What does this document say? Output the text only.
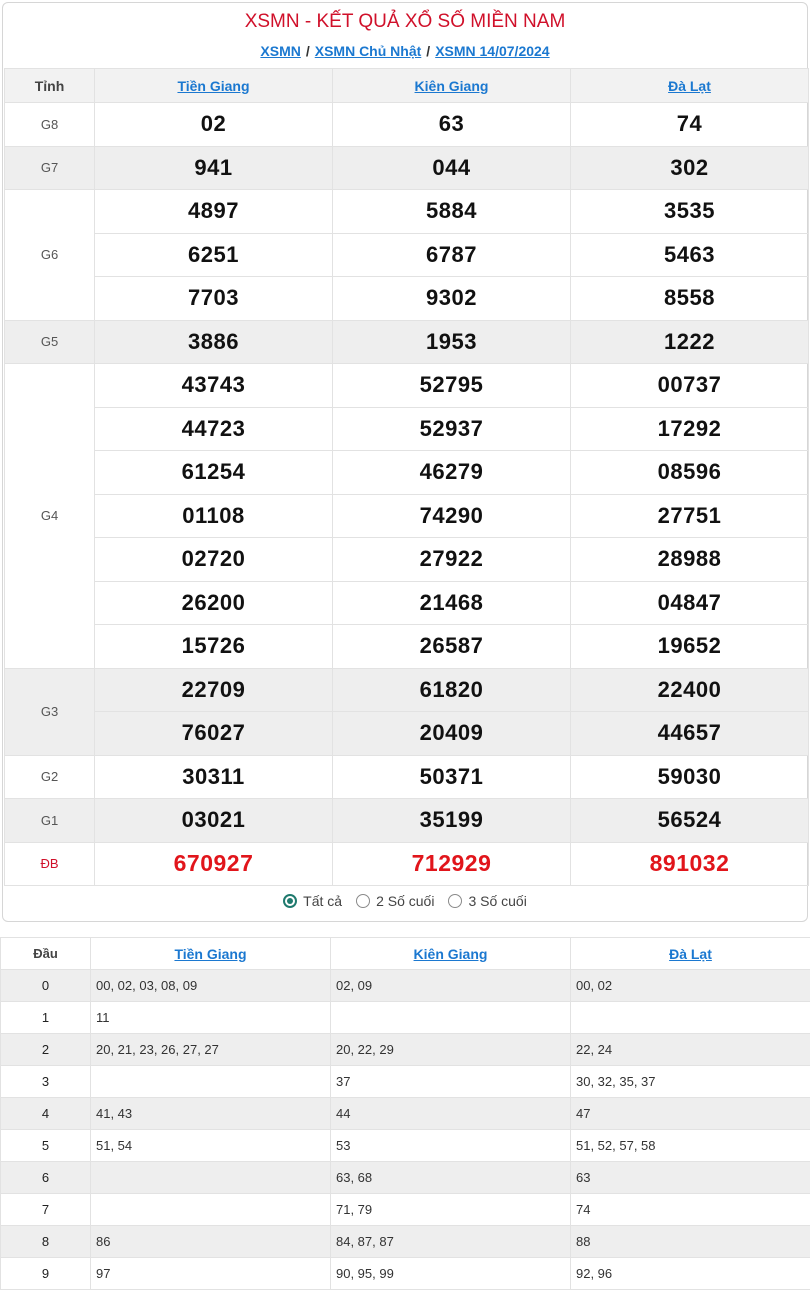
XSMN - KẾT QUẢ XỔ SỐ MIỀN NAM
XSMN / XSMN Chủ Nhật / XSMN 14/07/2024
Tỉnh	Tiền Giang	Kiên Giang	Đà Lạt
G8	02	63	74
G7	941	044	302
G6	4897	5884	3535
	6251	6787	5463
	7703	9302	8558
G5	3886	1953	1222
G4	43743	52795	00737
	44723	52937	17292
	61254	46279	08596
	01108	74290	27751
	02720	27922	28988
	26200	21468	04847
	15726	26587	19652
G3	22709	61820	22400
	76027	20409	44657
G2	30311	50371	59030
G1	03021	35199	56524
ĐB	670927	712929	891032
Tất cả 2 Số cuối 3 Số cuối
Đầu	Tiền Giang	Kiên Giang	Đà Lạt
0	00, 02, 03, 08, 09	02, 09	00, 02
1	11		
2	20, 21, 23, 26, 27, 27	20, 22, 29	22, 24
3		37	30, 32, 35, 37
4	41, 43	44	47
5	51, 54	53	51, 52, 57, 58
6		63, 68	63
7		71, 79	74
8	86	84, 87, 87	88
9	97	90, 95, 99	92, 96
